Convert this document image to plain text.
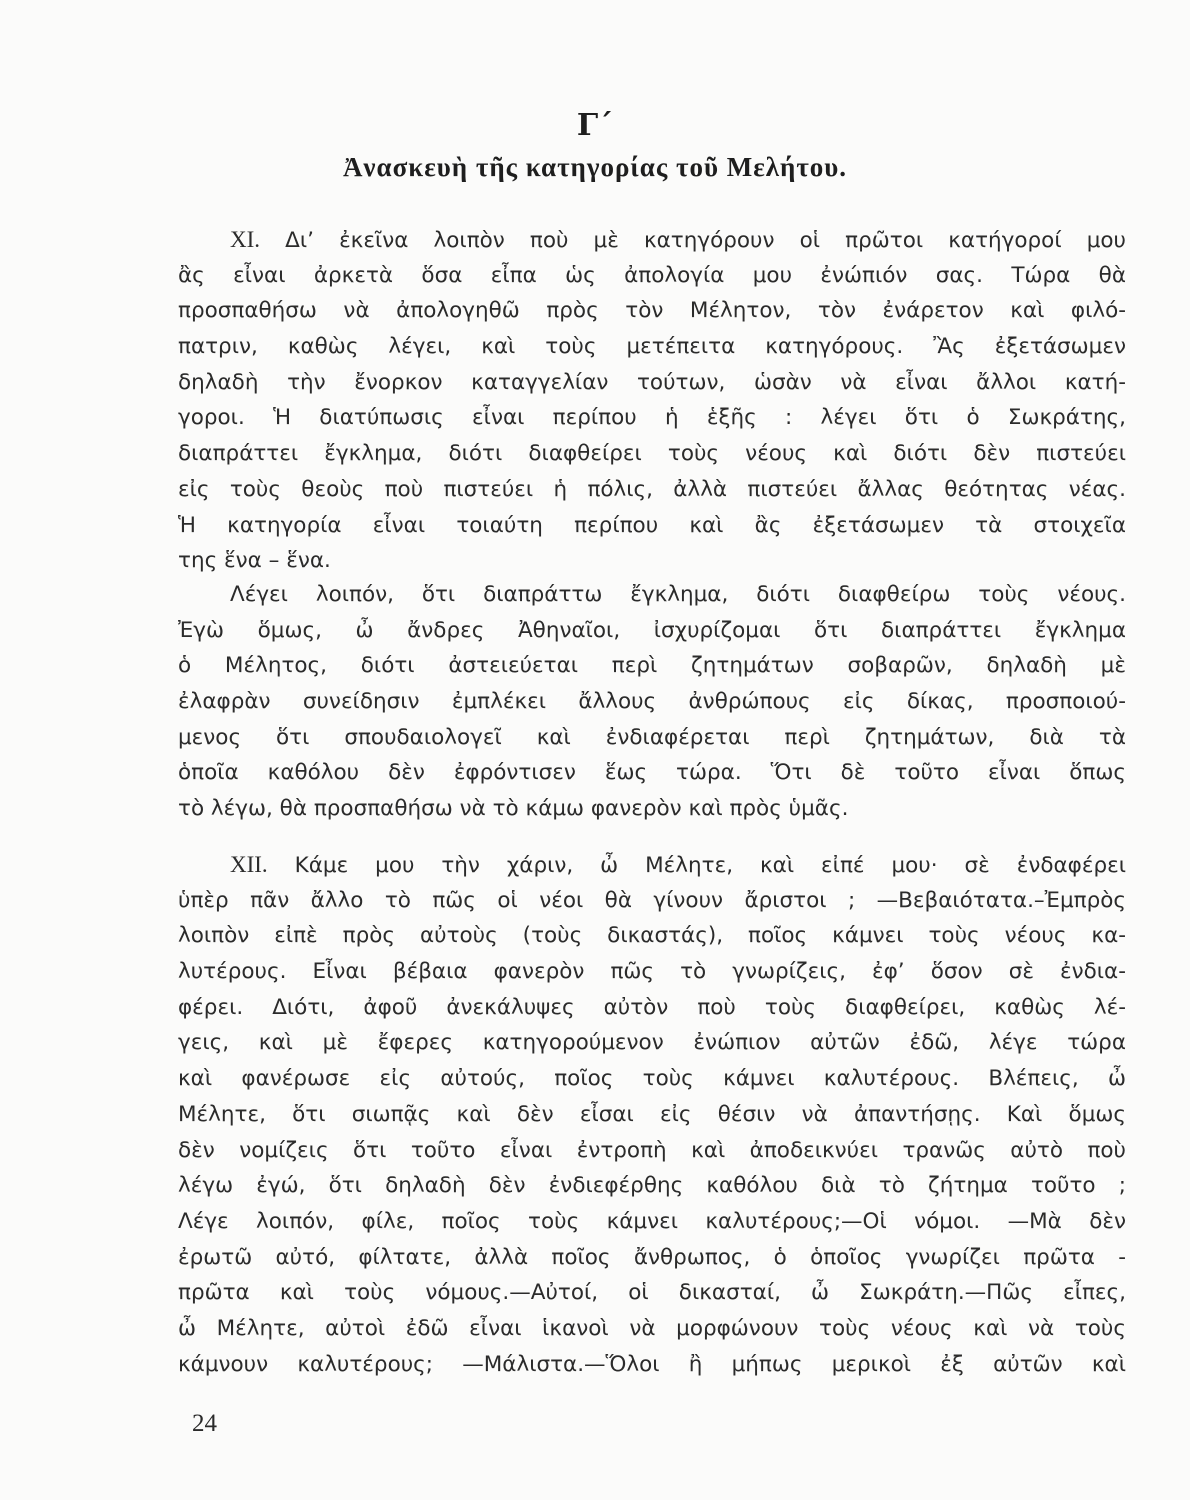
Γ΄
Ἀνασκευὴ τῆς κατηγορίας τοῦ Μελήτου.
XI. Δι’ ἐκεῖνα λοιπὸν ποὺ μὲ κατηγόρουν οἱ πρῶτοι κατήγοροί μου
ἂς εἶναι ἀρκετὰ ὅσα εἶπα ὡς ἀπολογία μου ἐνώπιόν σας. Τώρα θὰ
προσπαθήσω νὰ ἀπολογηθῶ πρὸς τὸν Μέλητον, τὸν ἐνάρετον καὶ φιλό-
πατριν, καθὼς λέγει, καὶ τοὺς μετέπειτα κατηγόρους. Ἂς ἐξετάσωμεν
δηλαδὴ τὴν ἔνορκον καταγγελίαν τούτων, ὡσὰν νὰ εἶναι ἄλλοι κατή-
γοροι. Ἡ διατύπωσις εἶναι περίπου ἡ ἑξῆς : λέγει ὅτι ὁ Σωκράτης,
διαπράττει ἔγκλημα, διότι διαφθείρει τοὺς νέους καὶ διότι δὲν πιστεύει
εἰς τοὺς θεοὺς ποὺ πιστεύει ἡ πόλις, ἀλλὰ πιστεύει ἄλλας θεότητας νέας.
Ἡ κατηγορία εἶναι τοιαύτη περίπου καὶ ἂς ἐξετάσωμεν τὰ στοιχεῖα
της ἕνα – ἕνα.
Λέγει λοιπόν, ὅτι διαπράττω ἔγκλημα, διότι διαφθείρω τοὺς νέους.
Ἐγὼ ὅμως, ὦ ἄνδρες Ἀθηναῖοι, ἰσχυρίζομαι ὅτι διαπράττει ἔγκλημα
ὁ Μέλητος, διότι ἀστειεύεται περὶ ζητημάτων σοβαρῶν, δηλαδὴ μὲ
ἐλαφρὰν συνείδησιν ἐμπλέκει ἄλλους ἀνθρώπους εἰς δίκας, προσποιού-
μενος ὅτι σπουδαιολογεῖ καὶ ἐνδιαφέρεται περὶ ζητημάτων, διὰ τὰ
ὁποῖα καθόλου δὲν ἐφρόντισεν ἕως τώρα. Ὅτι δὲ τοῦτο εἶναι ὅπως
τὸ λέγω, θὰ προσπαθήσω νὰ τὸ κάμω φανερὸν καὶ πρὸς ὑμᾶς.
XII. Κάμε μου τὴν χάριν, ὦ Μέλητε, καὶ εἰπέ μου· σὲ ἐνδαφέρει
ὑπὲρ πᾶν ἄλλο τὸ πῶς οἱ νέοι θὰ γίνουν ἄριστοι ; —Βεβαιότατα.–Ἐμπρὸς
λοιπὸν εἰπὲ πρὸς αὐτοὺς (τοὺς δικαστάς), ποῖος κάμνει τοὺς νέους κα-
λυτέρους. Εἶναι βέβαια φανερὸν πῶς τὸ γνωρίζεις, ἐφ’ ὅσον σὲ ἐνδια-
φέρει. Διότι, ἀφοῦ ἀνεκάλυψες αὐτὸν ποὺ τοὺς διαφθείρει, καθὼς λέ-
γεις, καὶ μὲ ἔφερες κατηγορούμενον ἐνώπιον αὐτῶν ἐδῶ, λέγε τώρα
καὶ φανέρωσε εἰς αὐτούς, ποῖος τοὺς κάμνει καλυτέρους. Βλέπεις, ὦ
Μέλητε, ὅτι σιωπᾷς καὶ δὲν εἶσαι εἰς θέσιν νὰ ἀπαντήσῃς. Καὶ ὅμως
δὲν νομίζεις ὅτι τοῦτο εἶναι ἐντροπὴ καὶ ἀποδεικνύει τρανῶς αὐτὸ ποὺ
λέγω ἐγώ, ὅτι δηλαδὴ δὲν ἐνδιεφέρθης καθόλου διὰ τὸ ζήτημα τοῦτο ;
Λέγε λοιπόν, φίλε, ποῖος τοὺς κάμνει καλυτέρους;—Οἱ νόμοι. —Μὰ δὲν
ἐρωτῶ αὐτό, φίλτατε, ἀλλὰ ποῖος ἄνθρωπος, ὁ ὁποῖος γνωρίζει πρῶτα -
πρῶτα καὶ τοὺς νόμους.—Αὐτοί, οἱ δικασταί, ὦ Σωκράτη.—Πῶς εἶπες,
ὦ Μέλητε, αὐτοὶ ἐδῶ εἶναι ἱκανοὶ νὰ μορφώνουν τοὺς νέους καὶ νὰ τοὺς
κάμνουν καλυτέρους; —Μάλιστα.—Ὅλοι ἢ μήπως μερικοὶ ἐξ αὐτῶν καὶ
24
